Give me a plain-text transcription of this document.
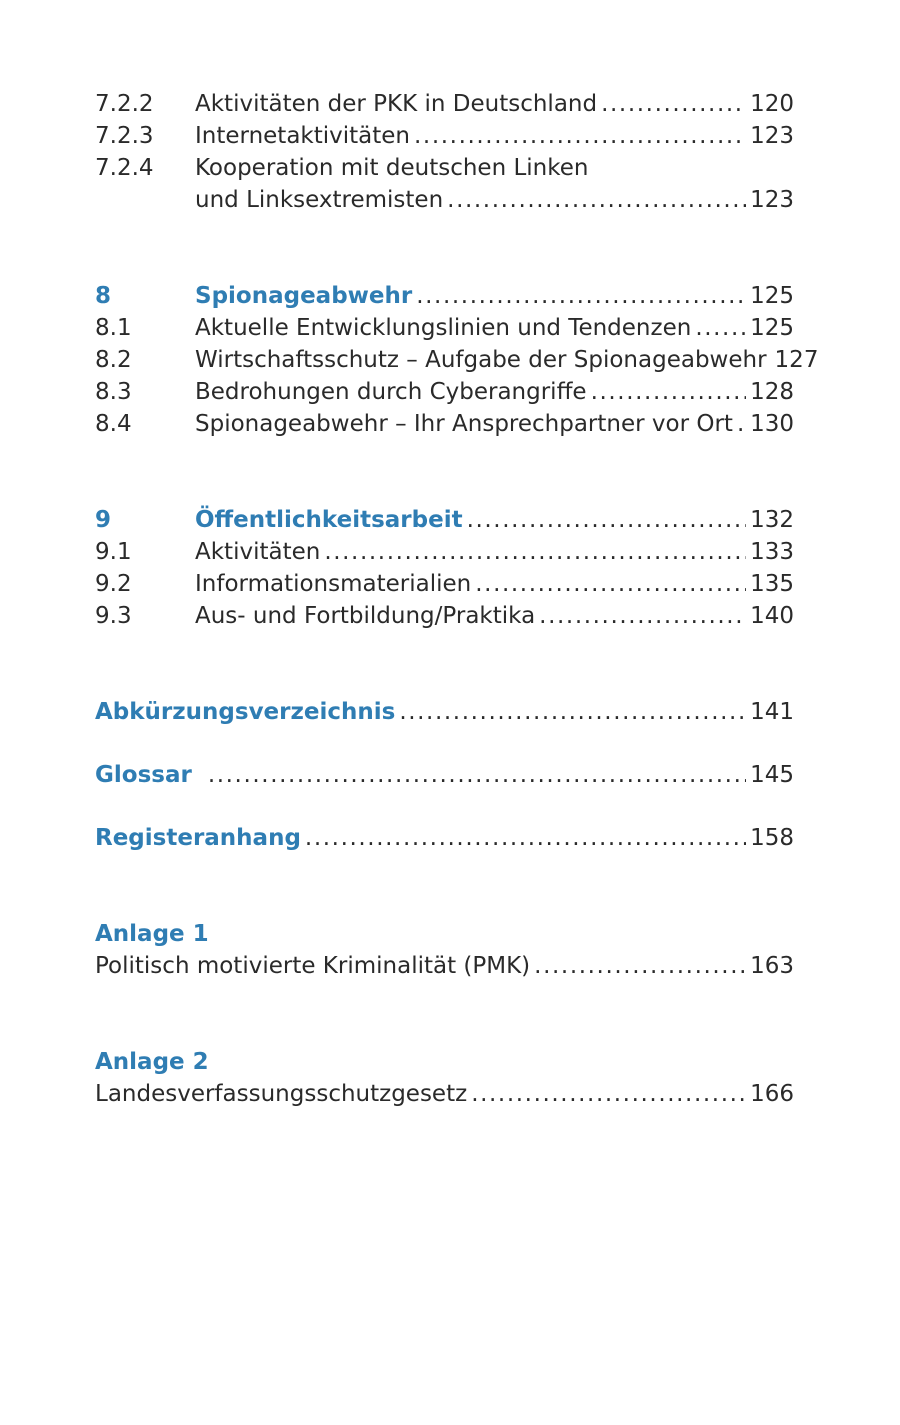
7.2.2	Aktivitäten der PKK in Deutschland .....	120
7.2.3	Internetaktivitäten .....	123
7.2.4	Kooperation mit deutschen Linken
und Linksextremisten .....	123
8	Spionageabwehr .....	125
8.1	Aktuelle Entwicklungslinien und Tendenzen .....	125
8.2	Wirtschaftsschutz – Aufgabe der Spionageabwehr 127
8.3	Bedrohungen durch Cyberangriffe .....	128
8.4	Spionageabwehr – Ihr Ansprechpartner vor Ort ..... 130
9	Öffentlichkeitsarbeit .....	132
9.1	Aktivitäten .....	133
9.2	Informationsmaterialien .....	135
9.3	Aus- und Fortbildung/Praktika .....	140
Abkürzungsverzeichnis .....	141
Glossar .....	145
Registeranhang .....	158
Anlage 1
Politisch motivierte Kriminalität (PMK) .....	163
Anlage 2
Landesverfassungsschutzgesetz .....	166
